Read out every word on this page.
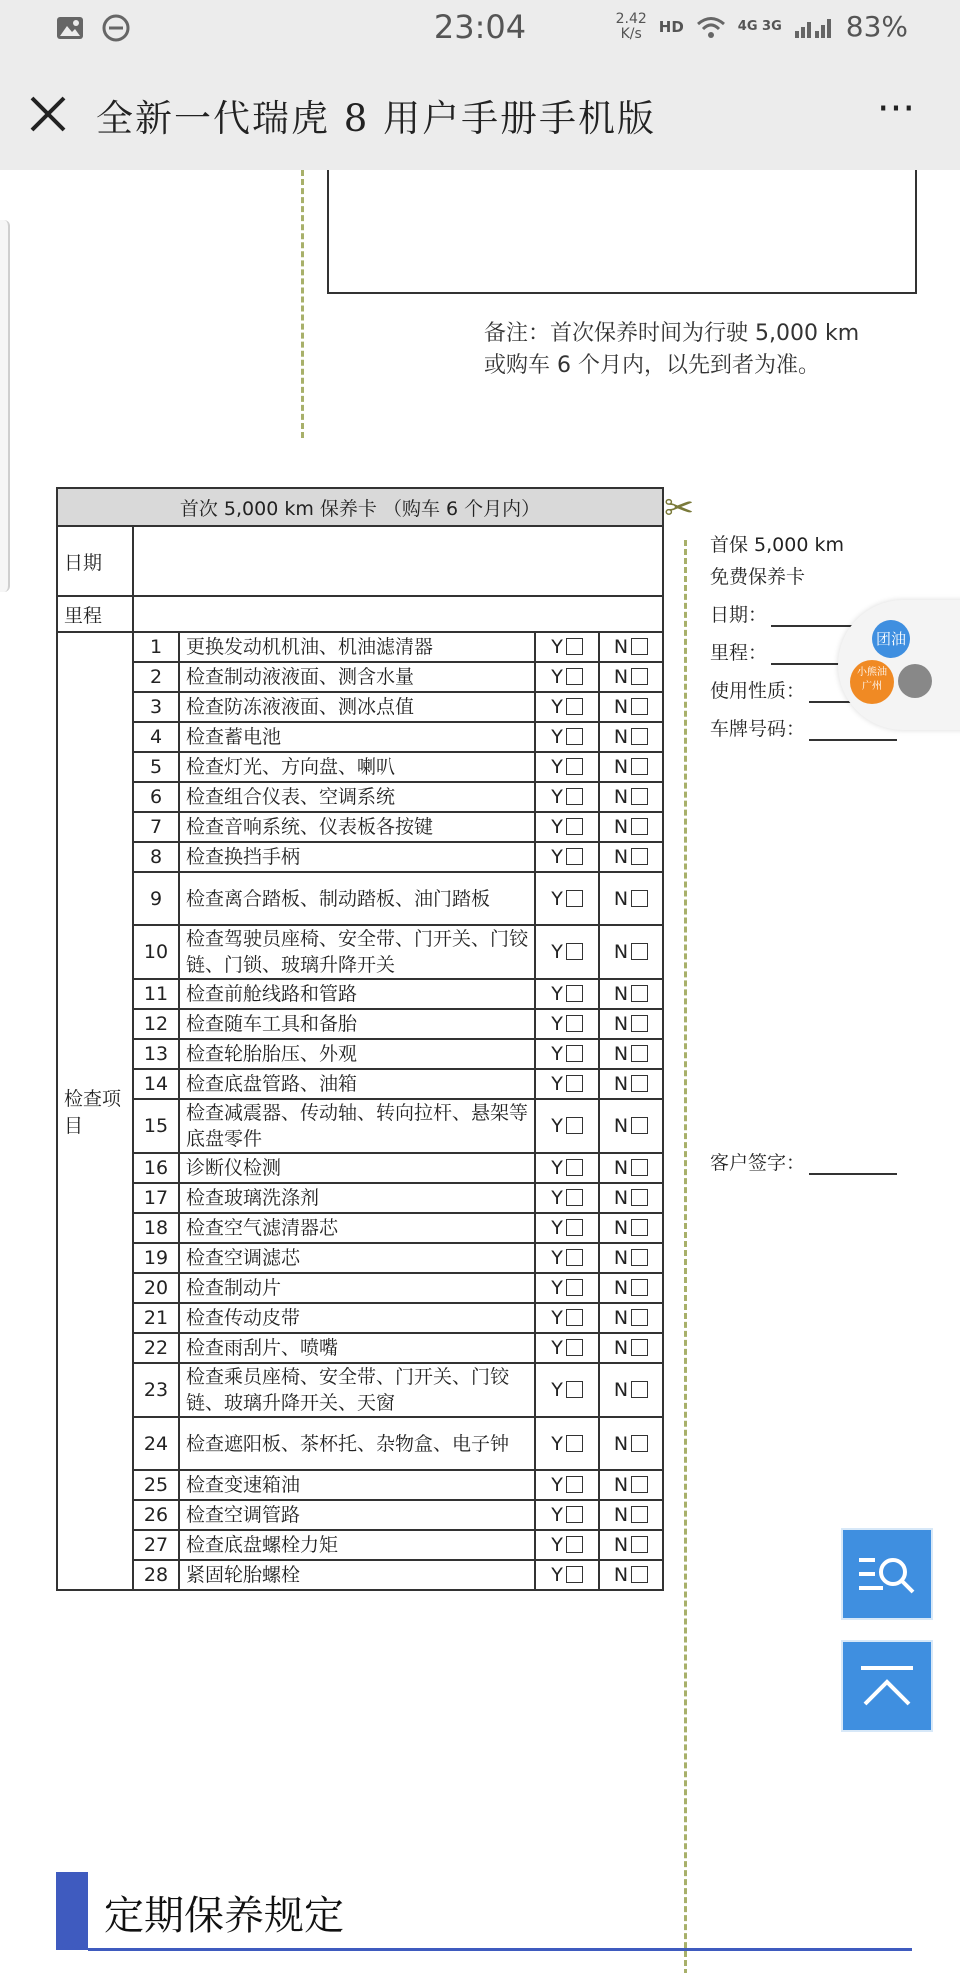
23:04	2.42
K/s	HD	4G 3G 83%
全新一代瑞虎 8 用户手册手机版	···
备注：首次保养时间为行驶 5,000 km
或购车 6 个月内，以先到者为准。
✂
首次 5,000 km 保养卡 （购车 6 个月内）				
日期				
里程				
检查项目	1	更换发动机机油、机油滤清器	Y	N
	2	检查制动液液面、测含水量	Y	N
	3	检查防冻液液面、测冰点值	Y	N
	4	检查蓄电池	Y	N
	5	检查灯光、方向盘、喇叭	Y	N
	6	检查组合仪表、空调系统	Y	N
	7	检查音响系统、仪表板各按键	Y	N
	8	检查换挡手柄	Y	N
	9	检查离合踏板、制动踏板、油门踏板	Y	N
	10	检查驾驶员座椅、安全带、门开关、门铰链、门锁、玻璃升降开关	Y	N
	11	检查前舱线路和管路	Y	N
	12	检查随车工具和备胎	Y	N
	13	检查轮胎胎压、外观	Y	N
	14	检查底盘管路、油箱	Y	N
	15	检查减震器、传动轴、转向拉杆、悬架等底盘零件	Y	N
	16	诊断仪检测	Y	N
	17	检查玻璃洗涤剂	Y	N
	18	检查空气滤清器芯	Y	N
	19	检查空调滤芯	Y	N
	20	检查制动片	Y	N
	21	检查传动皮带	Y	N
	22	检查雨刮片、喷嘴	Y	N
	23	检查乘员座椅、安全带、门开关、门铰链、玻璃升降开关、天窗	Y	N
	24	检查遮阳板、茶杯托、杂物盒、电子钟	Y	N
	25	检查变速箱油	Y	N
	26	检查空调管路	Y	N
	27	检查底盘螺栓力矩	Y	N
	28	紧固轮胎螺栓	Y	N
首保 5,000 km
免费保养卡
日期：
里程：
使用性质：
车牌号码：
客户签字：
团油
小熊油
广州
定期保养规定
